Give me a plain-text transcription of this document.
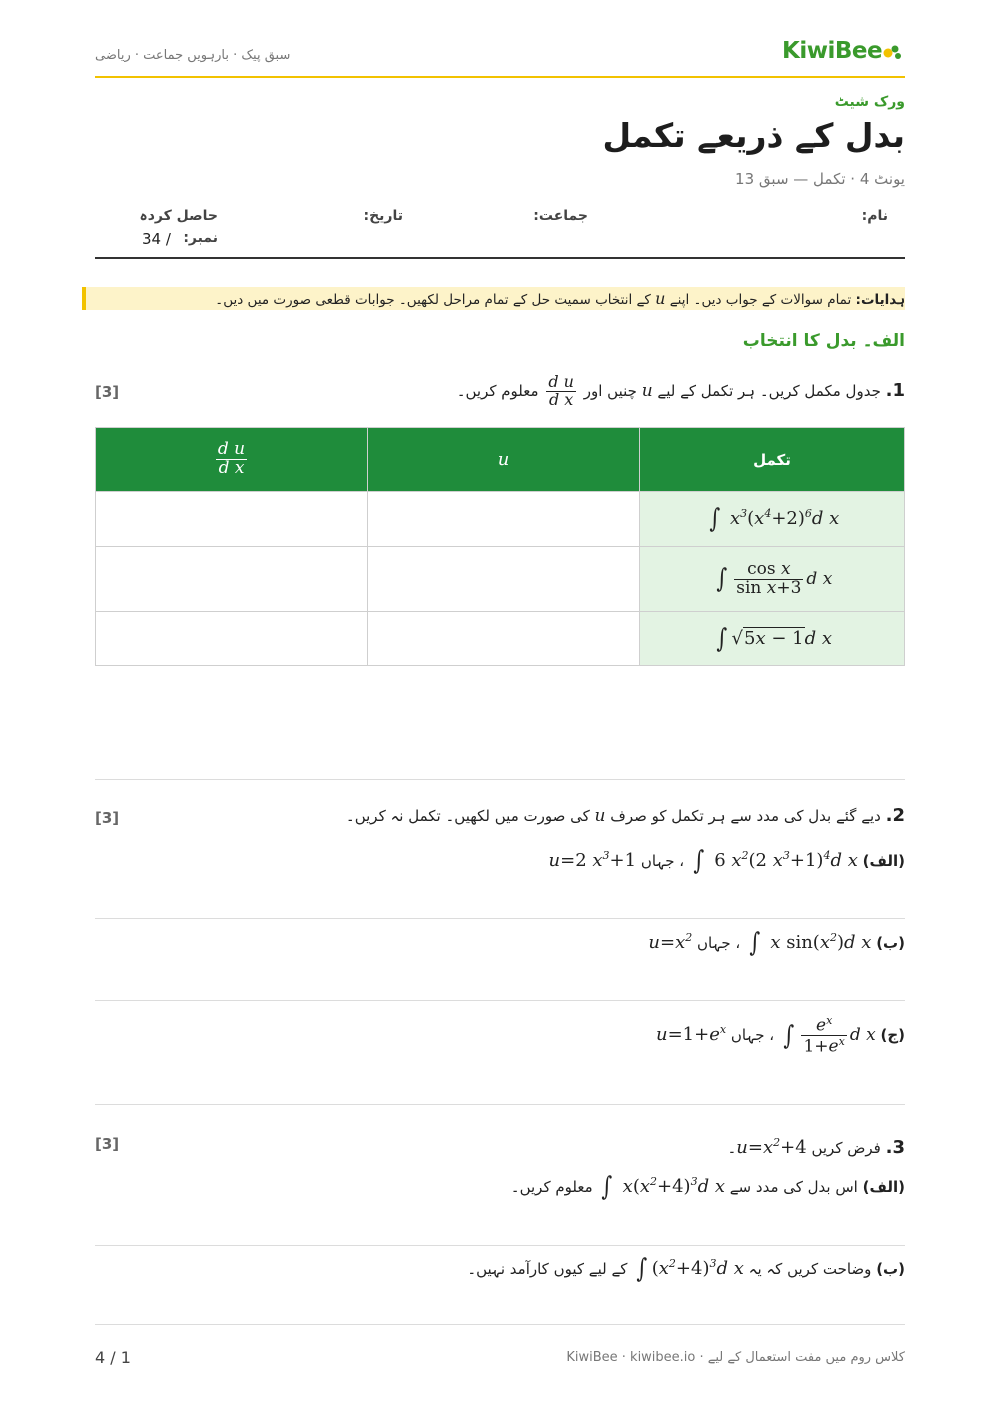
سبق پیک · بارہویں جماعت · ریاضی	KiwiBee
ورک شیٹ
بدل کے ذریعے تکمل
یونٹ 4 · تکمل — سبق 13
نام:
جماعت:
تاریخ:
حاصل کردہ
نمبر:
/ 34
ہدایات: تمام سوالات کے جواب دیں۔ اپنے u کے انتخاب سمیت حل کے تمام مراحل لکھیں۔ جوابات قطعی صورت میں دیں۔
الف۔ بدل کا انتخاب
[3]	1. جدول مکمل کریں۔ ہر تکمل کے لیے u چنیں اور
$\frac{\text{d u}}{\text{d x}}$
معلوم کریں۔
$\frac{\text{d u}}{\text{d x}}$	u	تکمل
		∫ $x^3(x^4+2)^6d$ x
		∫ $\frac{\text{cos x}}{\text{sin x+3}}$ d x
		∫ √5x − 1d x
[3]	2. دیے گئے بدل کی مدد سے ہر تکمل کو صرف u کی صورت میں لکھیں۔ تکمل نہ کریں۔
(الف) ∫ 6 $x^2(2$ $x^3+1)^4d$ x ، جہاں u=2 $x^3+1$
(ب) ∫ x $\sin(x^2)d$ x ، جہاں $u=x^2$
(ج) ∫ $\frac{e^x}{1+e^x}$ d x ، جہاں $u=1+e^x$
[3]	3. فرض کریں $u=x^2+4۔$
(الف) اس بدل کی مدد سے ∫ $x(x^2+4)^3d$ x معلوم کریں۔
(ب) وضاحت کریں کہ یہ ∫ $(x^2+4)^3d$ x کے لیے کیوں کارآمد نہیں۔
کلاس روم میں مفت استعمال کے لیے · KiwiBee · kiwibee.io
1 / 4
